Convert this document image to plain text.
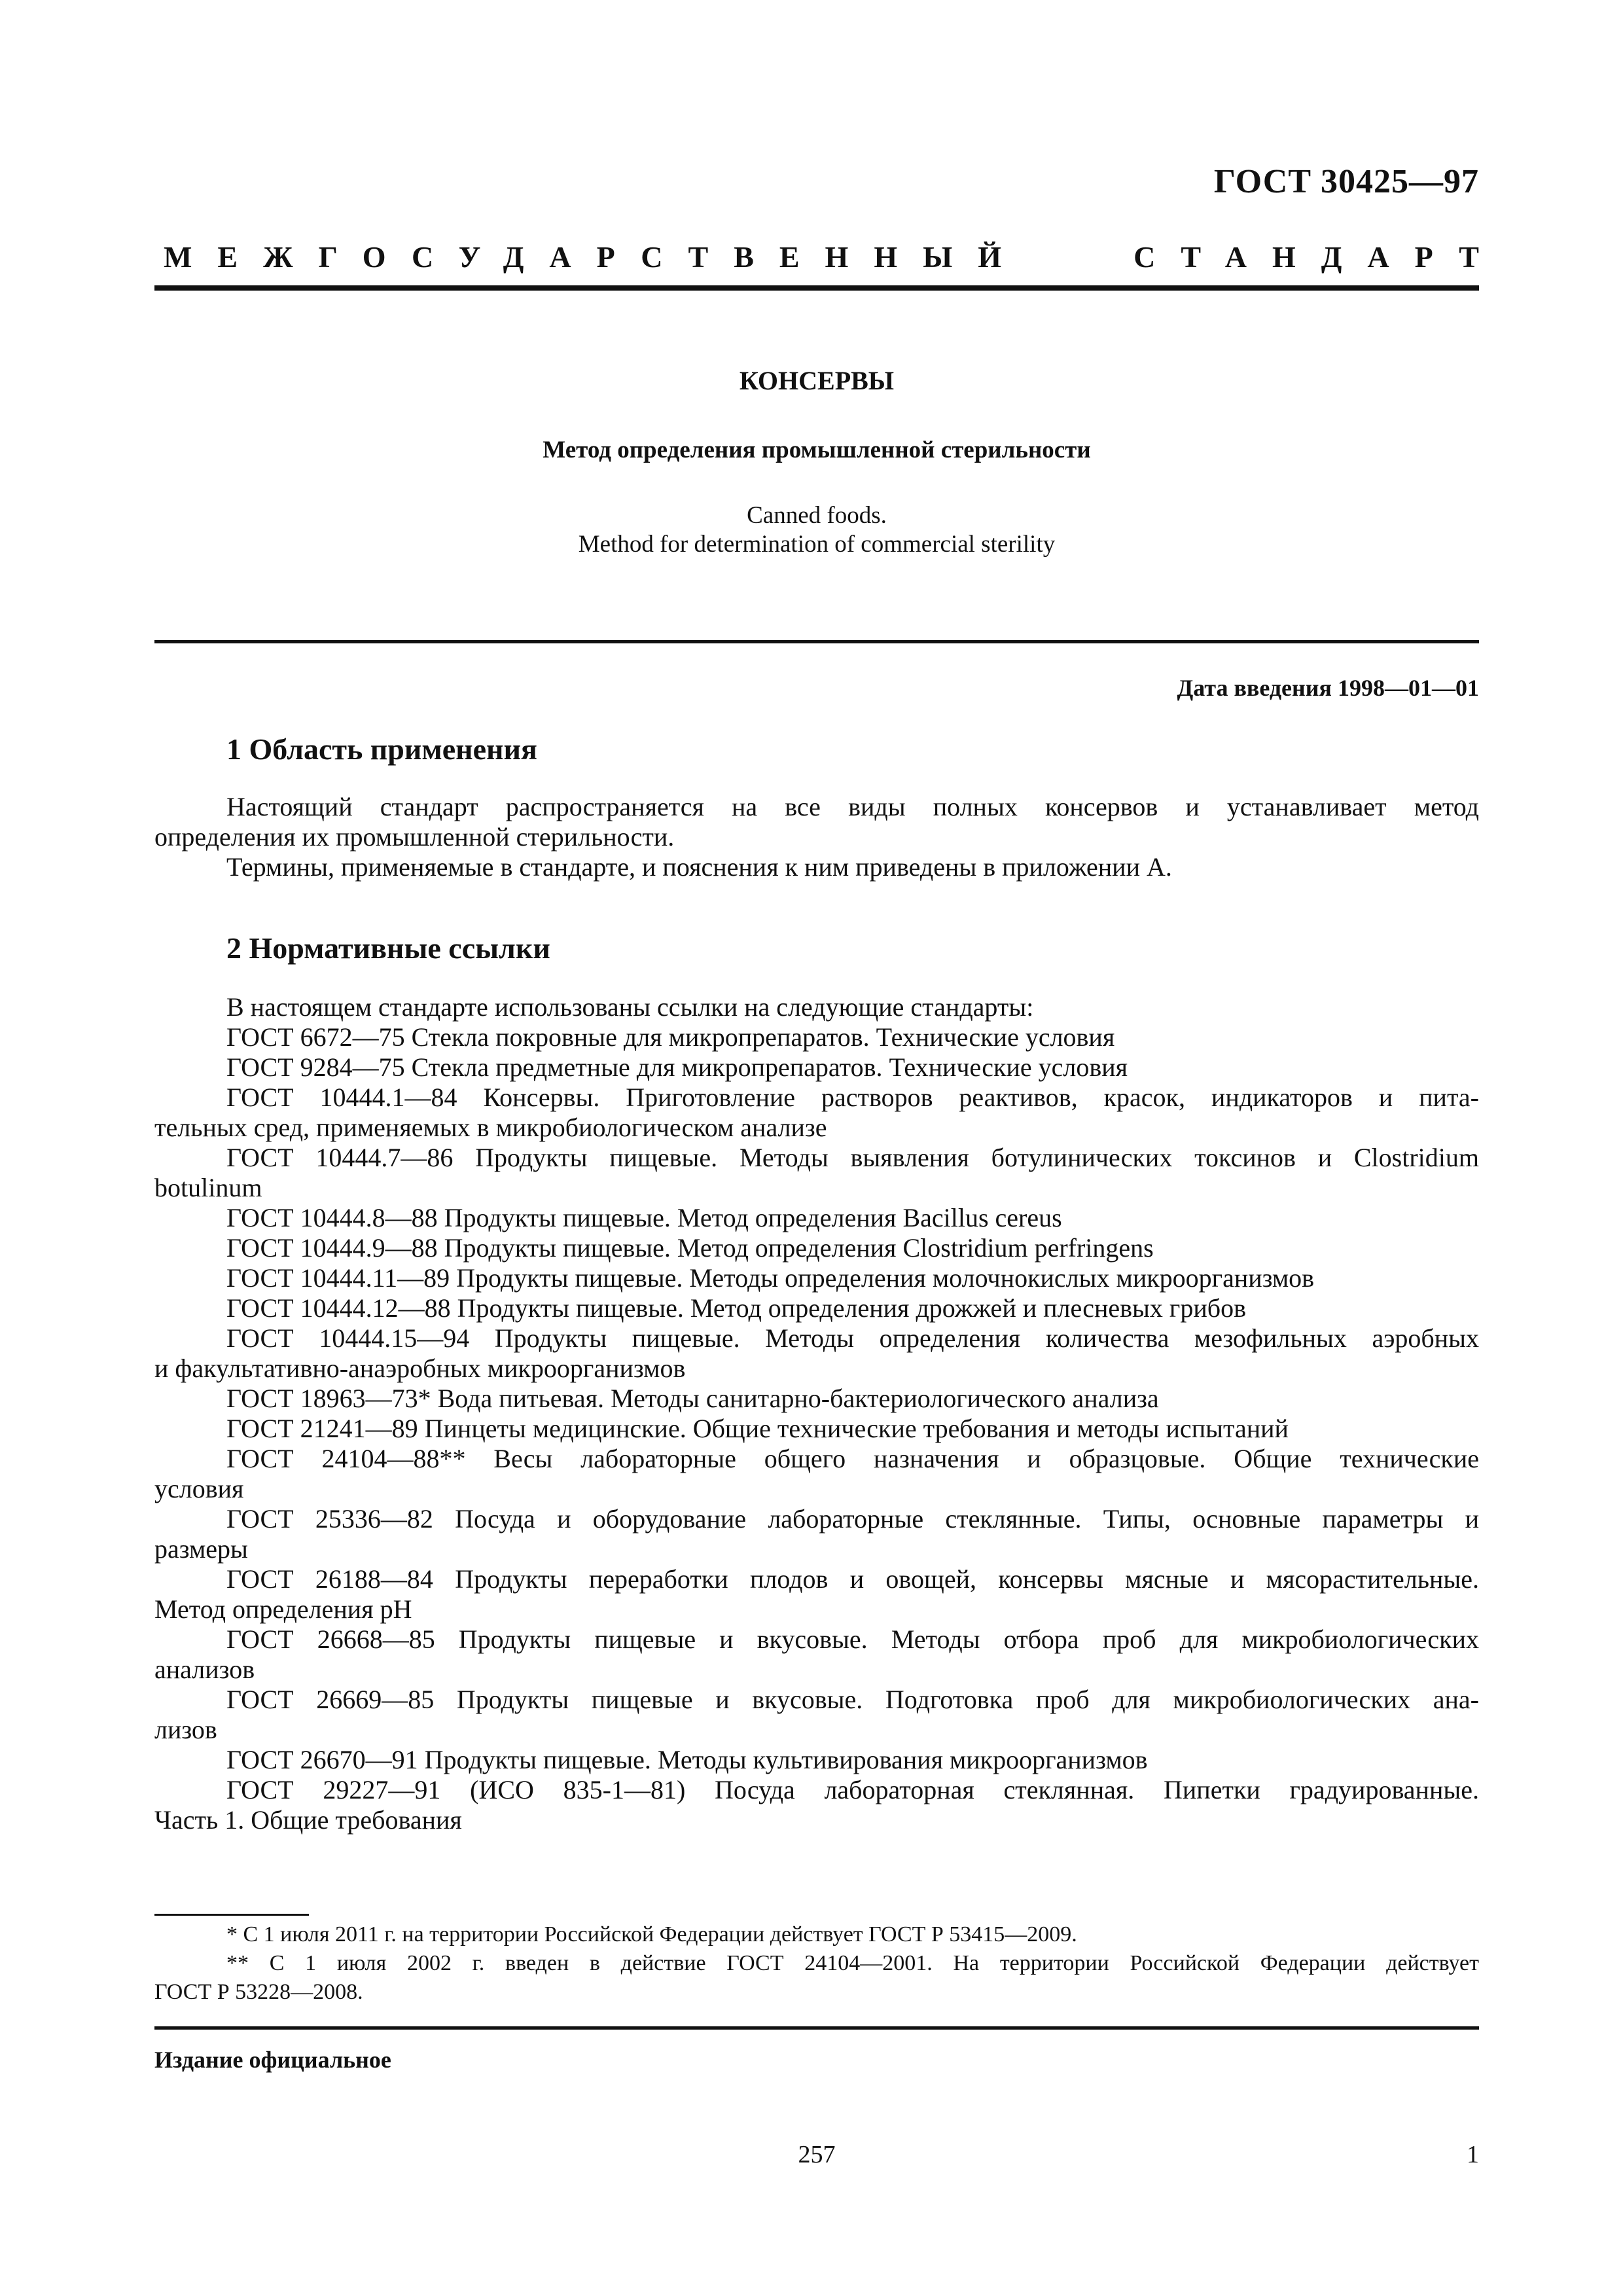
ГОСТ 30425—97
МЕЖГОСУДАРСТВЕННЫЙ	СТАНДАРТ
КОНСЕРВЫ
Метод определения промышленной стерильности
Canned foods.
Method for determination of commercial sterility
Дата введения 1998—01—01
1 Область применения
Настоящий стандарт распространяется на все виды полных консервов и устанавливает метод
определения их промышленной стерильности.
Термины, применяемые в стандарте, и пояснения к ним приведены в приложении А.
2 Нормативные ссылки
В настоящем стандарте использованы ссылки на следующие стандарты:
ГОСТ 6672—75 Стекла покровные для микропрепаратов. Технические условия
ГОСТ 9284—75 Стекла предметные для микропрепаратов. Технические условия
ГОСТ 10444.1—84 Консервы. Приготовление растворов реактивов, красок, индикаторов и пита-
тельных сред, применяемых в микробиологическом анализе
ГОСТ 10444.7—86 Продукты пищевые. Методы выявления ботулинических токсинов и Clostridium
botulinum
ГОСТ 10444.8—88 Продукты пищевые. Метод определения Bacillus cereus
ГОСТ 10444.9—88 Продукты пищевые. Метод определения Clostridium perfringens
ГОСТ 10444.11—89 Продукты пищевые. Методы определения молочнокислых микроорганизмов
ГОСТ 10444.12—88 Продукты пищевые. Метод определения дрожжей и плесневых грибов
ГОСТ 10444.15—94 Продукты пищевые. Методы определения количества мезофильных аэробных
и факультативно-анаэробных микроорганизмов
ГОСТ 18963—73* Вода питьевая. Методы санитарно-бактериологического анализа
ГОСТ 21241—89 Пинцеты медицинские. Общие технические требования и методы испытаний
ГОСТ 24104—88** Весы лабораторные общего назначения и образцовые. Общие технические
условия
ГОСТ 25336—82 Посуда и оборудование лабораторные стеклянные. Типы, основные параметры и
размеры
ГОСТ 26188—84 Продукты переработки плодов и овощей, консервы мясные и мясорастительные.
Метод определения pH
ГОСТ 26668—85 Продукты пищевые и вкусовые. Методы отбора проб для микробиологических
анализов
ГОСТ 26669—85 Продукты пищевые и вкусовые. Подготовка проб для микробиологических ана-
лизов
ГОСТ 26670—91 Продукты пищевые. Методы культивирования микроорганизмов
ГОСТ 29227—91 (ИСО 835-1—81) Посуда лабораторная стеклянная. Пипетки градуированные.
Часть 1. Общие требования
* С 1 июля 2011 г. на территории Российской Федерации действует ГОСТ Р 53415—2009.
** С 1 июля 2002 г. введен в действие ГОСТ 24104—2001. На территории Российской Федерации действует
ГОСТ Р 53228—2008.
Издание официальное
257	1
